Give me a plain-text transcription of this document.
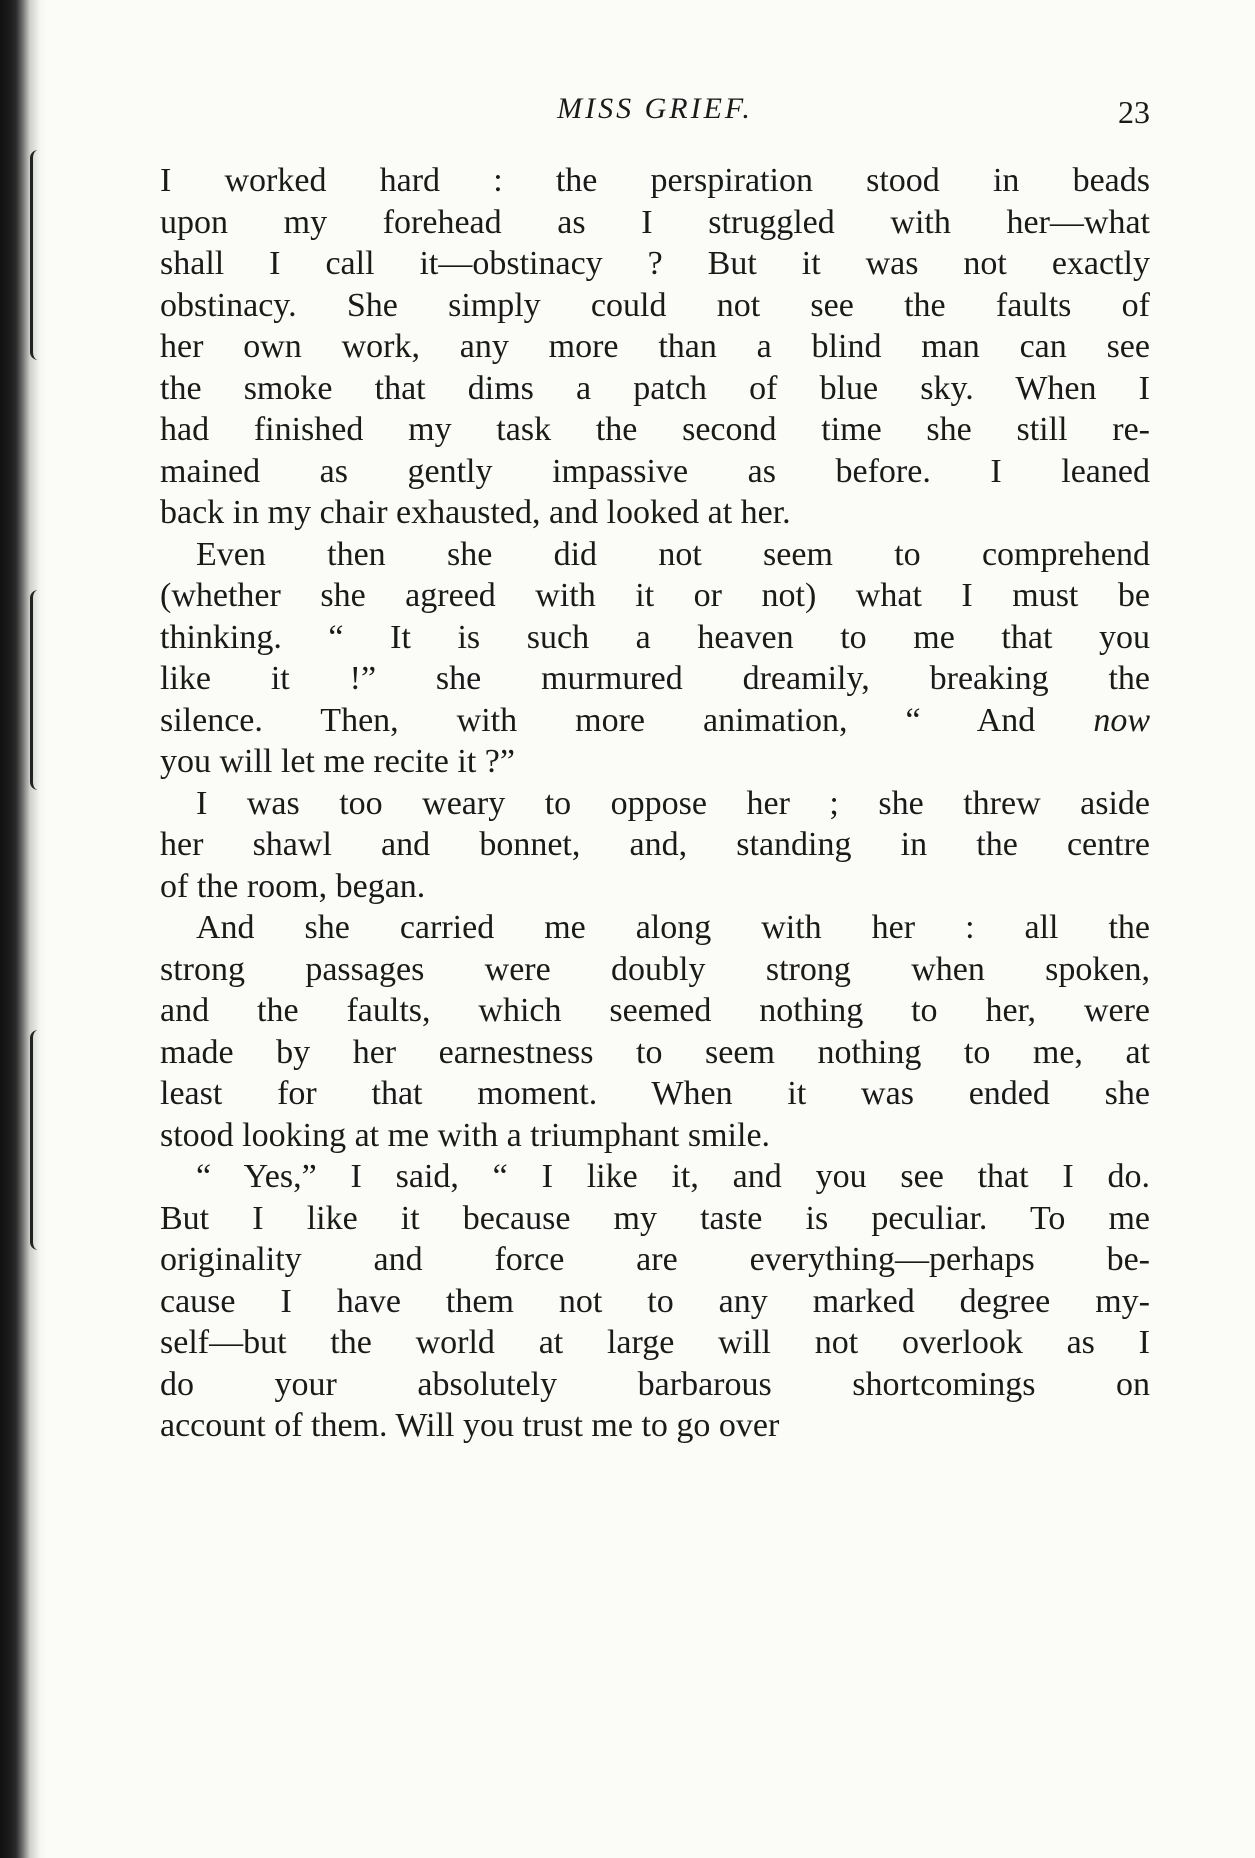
MISS GRIEF.	23
I worked hard : the perspiration stood in beads
upon my forehead as I struggled with her—what
shall I call it—obstinacy ? But it was not exactly
obstinacy. She simply could not see the faults of
her own work, any more than a blind man can see
the smoke that dims a patch of blue sky. When I
had finished my task the second time she still re-
mained as gently impassive as before. I leaned
back in my chair exhausted, and looked at her.
Even then she did not seem to comprehend
(whether she agreed with it or not) what I must be
thinking. “ It is such a heaven to me that you
like it !” she murmured dreamily, breaking the
silence. Then, with more animation, “ And now
you will let me recite it ?”
I was too weary to oppose her ; she threw aside
her shawl and bonnet, and, standing in the centre
of the room, began.
And she carried me along with her : all the
strong passages were doubly strong when spoken,
and the faults, which seemed nothing to her, were
made by her earnestness to seem nothing to me, at
least for that moment. When it was ended she
stood looking at me with a triumphant smile.
“ Yes,” I said, “ I like it, and you see that I do.
But I like it because my taste is peculiar. To me
originality and force are everything—perhaps be-
cause I have them not to any marked degree my-
self—but the world at large will not overlook as I
do your absolutely barbarous shortcomings on
account of them. Will you trust me to go over
